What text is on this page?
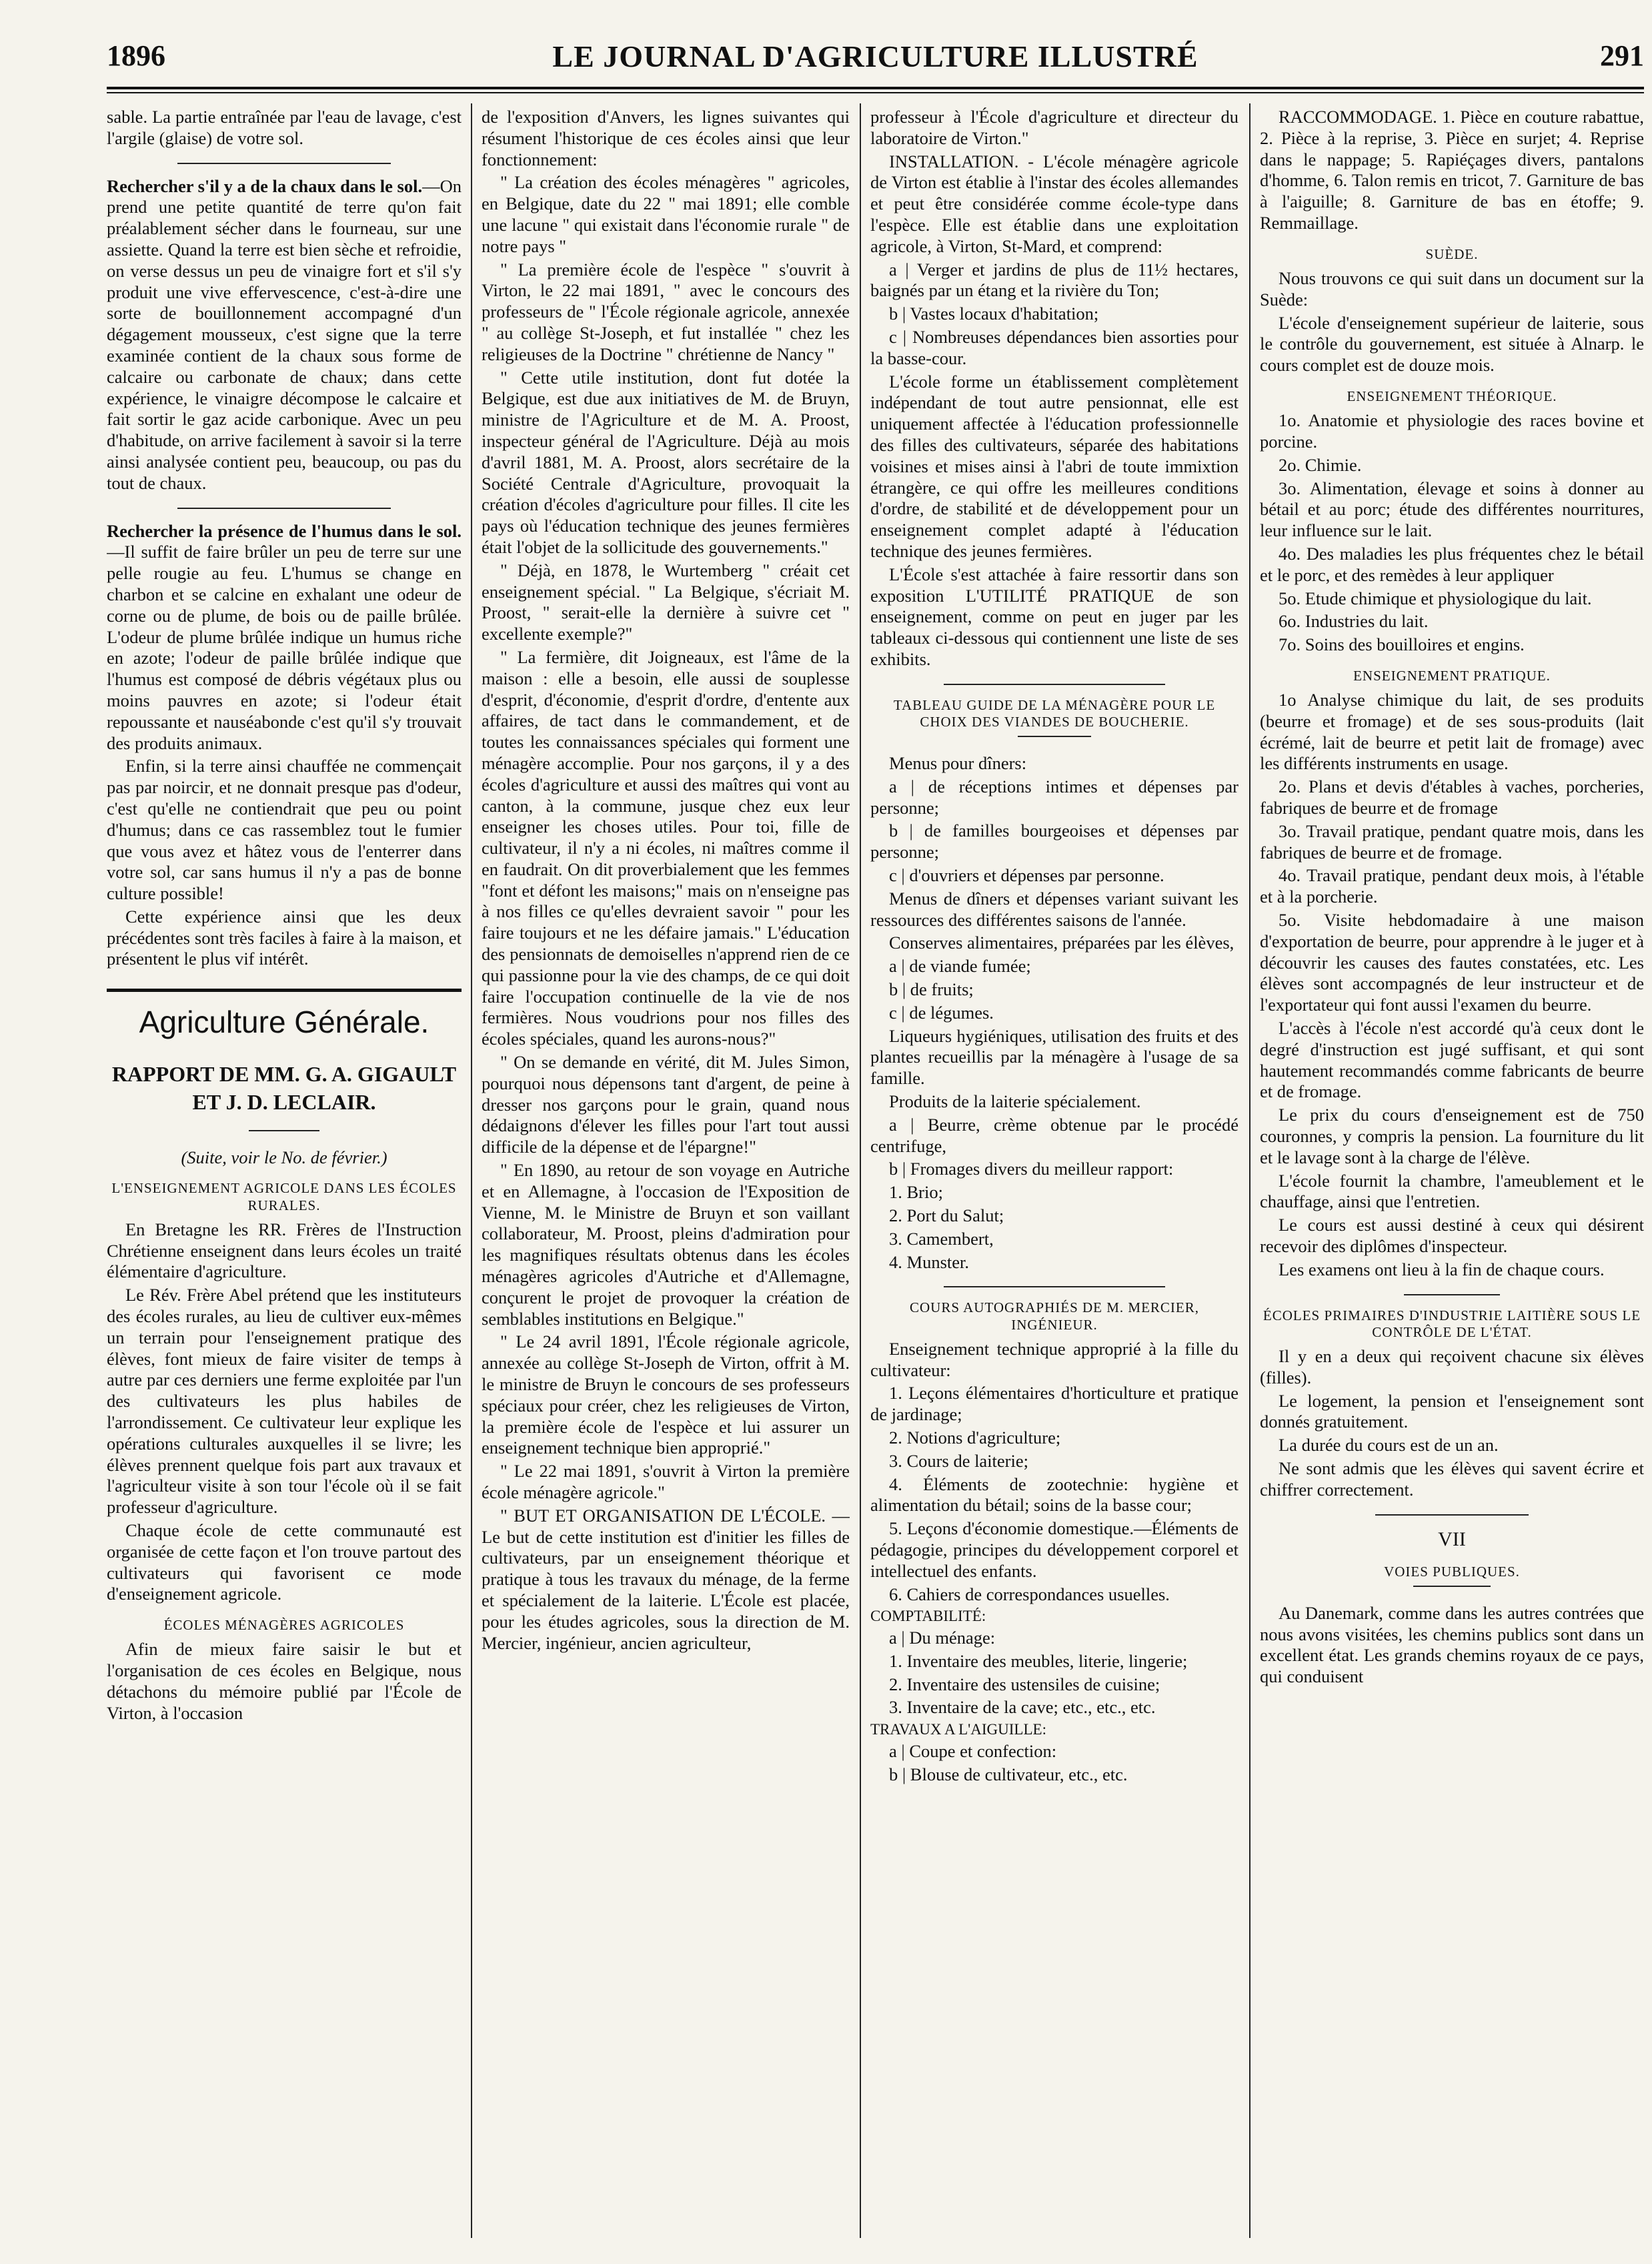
1896	LE JOURNAL D'AGRICULTURE ILLUSTRÉ	291

sable. La partie entraînée par l'eau de lavage, c'est l'argile (glaise) de votre sol.

Rechercher s'il y a de la chaux dans le sol.—On prend une petite quantité de terre qu'on fait préalablement sécher dans le fourneau, sur une assiette. Quand la terre est bien sèche et refroidie, on verse dessus un peu de vinaigre fort et s'il s'y produit une vive effervescence, c'est-à-dire une sorte de bouillonnement accompagné d'un dégagement mousseux, c'est signe que la terre examinée contient de la chaux sous forme de calcaire ou carbonate de chaux; dans cette expérience, le vinaigre décompose le calcaire et fait sortir le gaz acide carbonique. Avec un peu d'habitude, on arrive facilement à savoir si la terre ainsi analysée contient peu, beaucoup, ou pas du tout de chaux.

Rechercher la présence de l'humus dans le sol.—Il suffit de faire brûler un peu de terre sur une pelle rougie au feu. L'humus se change en charbon et se calcine en exhalant une odeur de corne ou de plume, de bois ou de paille brûlée. L'odeur de plume brûlée indique un humus riche en azote; l'odeur de paille brûlée indique que l'humus est composé de débris végétaux plus ou moins pauvres en azote; si l'odeur était repoussante et nauséabonde c'est qu'il s'y trouvait des produits animaux.

Enfin, si la terre ainsi chauffée ne commençait pas par noircir, et ne donnait presque pas d'odeur, c'est qu'elle ne contiendrait que peu ou point d'humus; dans ce cas rassemblez tout le fumier que vous avez et hâtez vous de l'enterrer dans votre sol, car sans humus il n'y a pas de bonne culture possible!

Cette expérience ainsi que les deux précédentes sont très faciles à faire à la maison, et présentent le plus vif intérêt.

Agriculture Générale.
RAPPORT DE MM. G. A. GIGAULT ET J. D. LECLAIR.
(Suite, voir le No. de février.)
L'ENSEIGNEMENT AGRICOLE DANS LES ÉCOLES RURALES.

En Bretagne les RR. Frères de l'Instruction Chrétienne enseignent dans leurs écoles un traité élémentaire d'agriculture.

Le Rév. Frère Abel prétend que les instituteurs des écoles rurales, au lieu de cultiver eux-mêmes un terrain pour l'enseignement pratique des élèves, font mieux de faire visiter de temps à autre par ces derniers une ferme exploitée par l'un des cultivateurs les plus habiles de l'arrondissement. Ce cultivateur leur explique les opérations culturales auxquelles il se livre; les élèves prennent quelque fois part aux travaux et l'agriculteur visite à son tour l'école où il se fait professeur d'agriculture.

Chaque école de cette communauté est organisée de cette façon et l'on trouve partout des cultivateurs qui favorisent ce mode d'enseignement agricole.

ÉCOLES MÉNAGÈRES AGRICOLES

Afin de mieux faire saisir le but et l'organisation de ces écoles en Belgique, nous détachons du mémoire publié par l'École de Virton, à l'occasion

de l'exposition d'Anvers, les lignes suivantes qui résument l'historique de ces écoles ainsi que leur fonctionnement:

" La création des écoles ménagères " agricoles, en Belgique, date du 22 " mai 1891; elle comble une lacune " qui existait dans l'économie rurale " de notre pays "

" La première école de l'espèce " s'ouvrit à Virton, le 22 mai 1891, " avec le concours des professeurs de " l'École régionale agricole, annexée " au collège St-Joseph, et fut installée " chez les religieuses de la Doctrine " chrétienne de Nancy "

" Cette utile institution, dont fut dotée la Belgique, est due aux initiatives de M. de Bruyn, ministre de l'Agriculture et de M. A. Proost, inspecteur général de l'Agriculture. Déjà au mois d'avril 1881, M. A. Proost, alors secrétaire de la Société Centrale d'Agriculture, provoquait la création d'écoles d'agriculture pour filles. Il cite les pays où l'éducation technique des jeunes fermières était l'objet de la sollicitude des gouvernements."

" Déjà, en 1878, le Wurtemberg " créait cet enseignement spécial. " La Belgique, s'écriait M. Proost, " serait-elle la dernière à suivre cet " excellente exemple?"

" La fermière, dit Joigneaux, est l'âme de la maison : elle a besoin, elle aussi de souplesse d'esprit, d'économie, d'esprit d'ordre, d'entente aux affaires, de tact dans le commandement, et de toutes les connaissances spéciales qui forment une ménagère accomplie. Pour nos garçons, il y a des écoles d'agriculture et aussi des maîtres qui vont au canton, à la commune, jusque chez eux leur enseigner les choses utiles. Pour toi, fille de cultivateur, il n'y a ni écoles, ni maîtres comme il en faudrait. On dit proverbialement que les femmes "font et défont les maisons;" mais on n'enseigne pas à nos filles ce qu'elles devraient savoir " pour les faire toujours et ne les défaire jamais." L'éducation des pensionnats de demoiselles n'apprend rien de ce qui passionne pour la vie des champs, de ce qui doit faire l'occupation continuelle de la vie de nos fermières. Nous voudrions pour nos filles des écoles spéciales, quand les aurons-nous?"

" On se demande en vérité, dit M. Jules Simon, pourquoi nous dépensons tant d'argent, de peine à dresser nos garçons pour le grain, quand nous dédaignons d'élever les filles pour l'art tout aussi difficile de la dépense et de l'épargne!"

" En 1890, au retour de son voyage en Autriche et en Allemagne, à l'occasion de l'Exposition de Vienne, M. le Ministre de Bruyn et son vaillant collaborateur, M. Proost, pleins d'admiration pour les magnifiques résultats obtenus dans les écoles ménagères agricoles d'Autriche et d'Allemagne, conçurent le projet de provoquer la création de semblables institutions en Belgique."

" Le 24 avril 1891, l'École régionale agricole, annexée au collège St-Joseph de Virton, offrit à M. le ministre de Bruyn le concours de ses professeurs spéciaux pour créer, chez les religieuses de Virton, la première école de l'espèce et lui assurer un enseignement technique bien approprié."

" Le 22 mai 1891, s'ouvrit à Virton la première école ménagère agricole."

" BUT ET ORGANISATION DE L'ÉCOLE. —Le but de cette institution est d'initier les filles de cultivateurs, par un enseignement théorique et pratique à tous les travaux du ménage, de la ferme et spécialement de la laiterie. L'École est placée, pour les études agricoles, sous la direction de M. Mercier, ingénieur, ancien agriculteur,

professeur à l'École d'agriculture et directeur du laboratoire de Virton."

INSTALLATION. - L'école ménagère agricole de Virton est établie à l'instar des écoles allemandes et peut être considérée comme école-type dans l'espèce. Elle est établie dans une exploitation agricole, à Virton, St-Mard, et comprend:

a | Verger et jardins de plus de 11½ hectares, baignés par un étang et la rivière du Ton;

b | Vastes locaux d'habitation;

c | Nombreuses dépendances bien assorties pour la basse-cour.

L'école forme un établissement complètement indépendant de tout autre pensionnat, elle est uniquement affectée à l'éducation professionnelle des filles des cultivateurs, séparée des habitations voisines et mises ainsi à l'abri de toute immixtion étrangère, ce qui offre les meilleures conditions d'ordre, de stabilité et de développement pour un enseignement complet adapté à l'éducation technique des jeunes fermières.

L'École s'est attachée à faire ressortir dans son exposition L'UTILITÉ PRATIQUE de son enseignement, comme on peut en juger par les tableaux ci-dessous qui contiennent une liste de ses exhibits.

TABLEAU GUIDE DE LA MÉNAGÈRE POUR LE CHOIX DES VIANDES DE BOUCHERIE.

Menus pour dîners:

a | de réceptions intimes et dépenses par personne;

b | de familles bourgeoises et dépenses par personne;

c | d'ouvriers et dépenses par personne.

Menus de dîners et dépenses variant suivant les ressources des différentes saisons de l'année.

Conserves alimentaires, préparées par les élèves,

a | de viande fumée;

b | de fruits;

c | de légumes.

Liqueurs hygiéniques, utilisation des fruits et des plantes recueillis par la ménagère à l'usage de sa famille.

Produits de la laiterie spécialement.

a | Beurre, crème obtenue par le procédé centrifuge,

b | Fromages divers du meilleur rapport:

1. Brio;

2. Port du Salut;

3. Camembert,

4. Munster.

COURS AUTOGRAPHIÉS DE M. MERCIER, INGÉNIEUR.

Enseignement technique approprié à la fille du cultivateur:

1. Leçons élémentaires d'horticulture et pratique de jardinage;

2. Notions d'agriculture;

3. Cours de laiterie;

4. Éléments de zootechnie: hygiène et alimentation du bétail; soins de la basse cour;

5. Leçons d'économie domestique.—Éléments de pédagogie, principes du développement corporel et intellectuel des enfants.

6. Cahiers de correspondances usuelles.

COMPTABILITÉ:

a | Du ménage:

1. Inventaire des meubles, literie, lingerie;

2. Inventaire des ustensiles de cuisine;

3. Inventaire de la cave; etc., etc., etc.

TRAVAUX A L'AIGUILLE:

a | Coupe et confection:

b | Blouse de cultivateur, etc., etc.

RACCOMMODAGE. 1. Pièce en couture rabattue, 2. Pièce à la reprise, 3. Pièce en surjet; 4. Reprise dans le nappage; 5. Rapiéçages divers, pantalons d'homme, 6. Talon remis en tricot, 7. Garniture de bas à l'aiguille; 8. Garniture de bas en étoffe; 9. Remmaillage.

SUÈDE.

Nous trouvons ce qui suit dans un document sur la Suède:

L'école d'enseignement supérieur de laiterie, sous le contrôle du gouvernement, est située à Alnarp. le cours complet est de douze mois.

ENSEIGNEMENT THÉORIQUE.

1o. Anatomie et physiologie des races bovine et porcine.

2o. Chimie.

3o. Alimentation, élevage et soins à donner au bétail et au porc; étude des différentes nourritures, leur influence sur le lait.

4o. Des maladies les plus fréquentes chez le bétail et le porc, et des remèdes à leur appliquer

5o. Etude chimique et physiologique du lait.

6o. Industries du lait.

7o. Soins des bouilloires et engins.

ENSEIGNEMENT PRATIQUE.

1o Analyse chimique du lait, de ses produits (beurre et fromage) et de ses sous-produits (lait écrémé, lait de beurre et petit lait de fromage) avec les différents instruments en usage.

2o. Plans et devis d'étables à vaches, porcheries, fabriques de beurre et de fromage

3o. Travail pratique, pendant quatre mois, dans les fabriques de beurre et de fromage.

4o. Travail pratique, pendant deux mois, à l'étable et à la porcherie.

5o. Visite hebdomadaire à une maison d'exportation de beurre, pour apprendre à le juger et à découvrir les causes des fautes constatées, etc. Les élèves sont accompagnés de leur instructeur et de l'exportateur qui font aussi l'examen du beurre.

L'accès à l'école n'est accordé qu'à ceux dont le degré d'instruction est jugé suffisant, et qui sont hautement recommandés comme fabricants de beurre et de fromage.

Le prix du cours d'enseignement est de 750 couronnes, y compris la pension. La fourniture du lit et le lavage sont à la charge de l'élève.

L'école fournit la chambre, l'ameublement et le chauffage, ainsi que l'entretien.

Le cours est aussi destiné à ceux qui désirent recevoir des diplômes d'inspecteur.

Les examens ont lieu à la fin de chaque cours.

ÉCOLES PRIMAIRES D'INDUSTRIE LAITIÈRE SOUS LE CONTRÔLE DE L'ÉTAT.

Il y en a deux qui reçoivent chacune six élèves (filles).

Le logement, la pension et l'enseignement sont donnés gratuitement.

La durée du cours est de un an.

Ne sont admis que les élèves qui savent écrire et chiffrer correctement.

VII
VOIES PUBLIQUES.

Au Danemark, comme dans les autres contrées que nous avons visitées, les chemins publics sont dans un excellent état. Les grands chemins royaux de ce pays, qui conduisent
